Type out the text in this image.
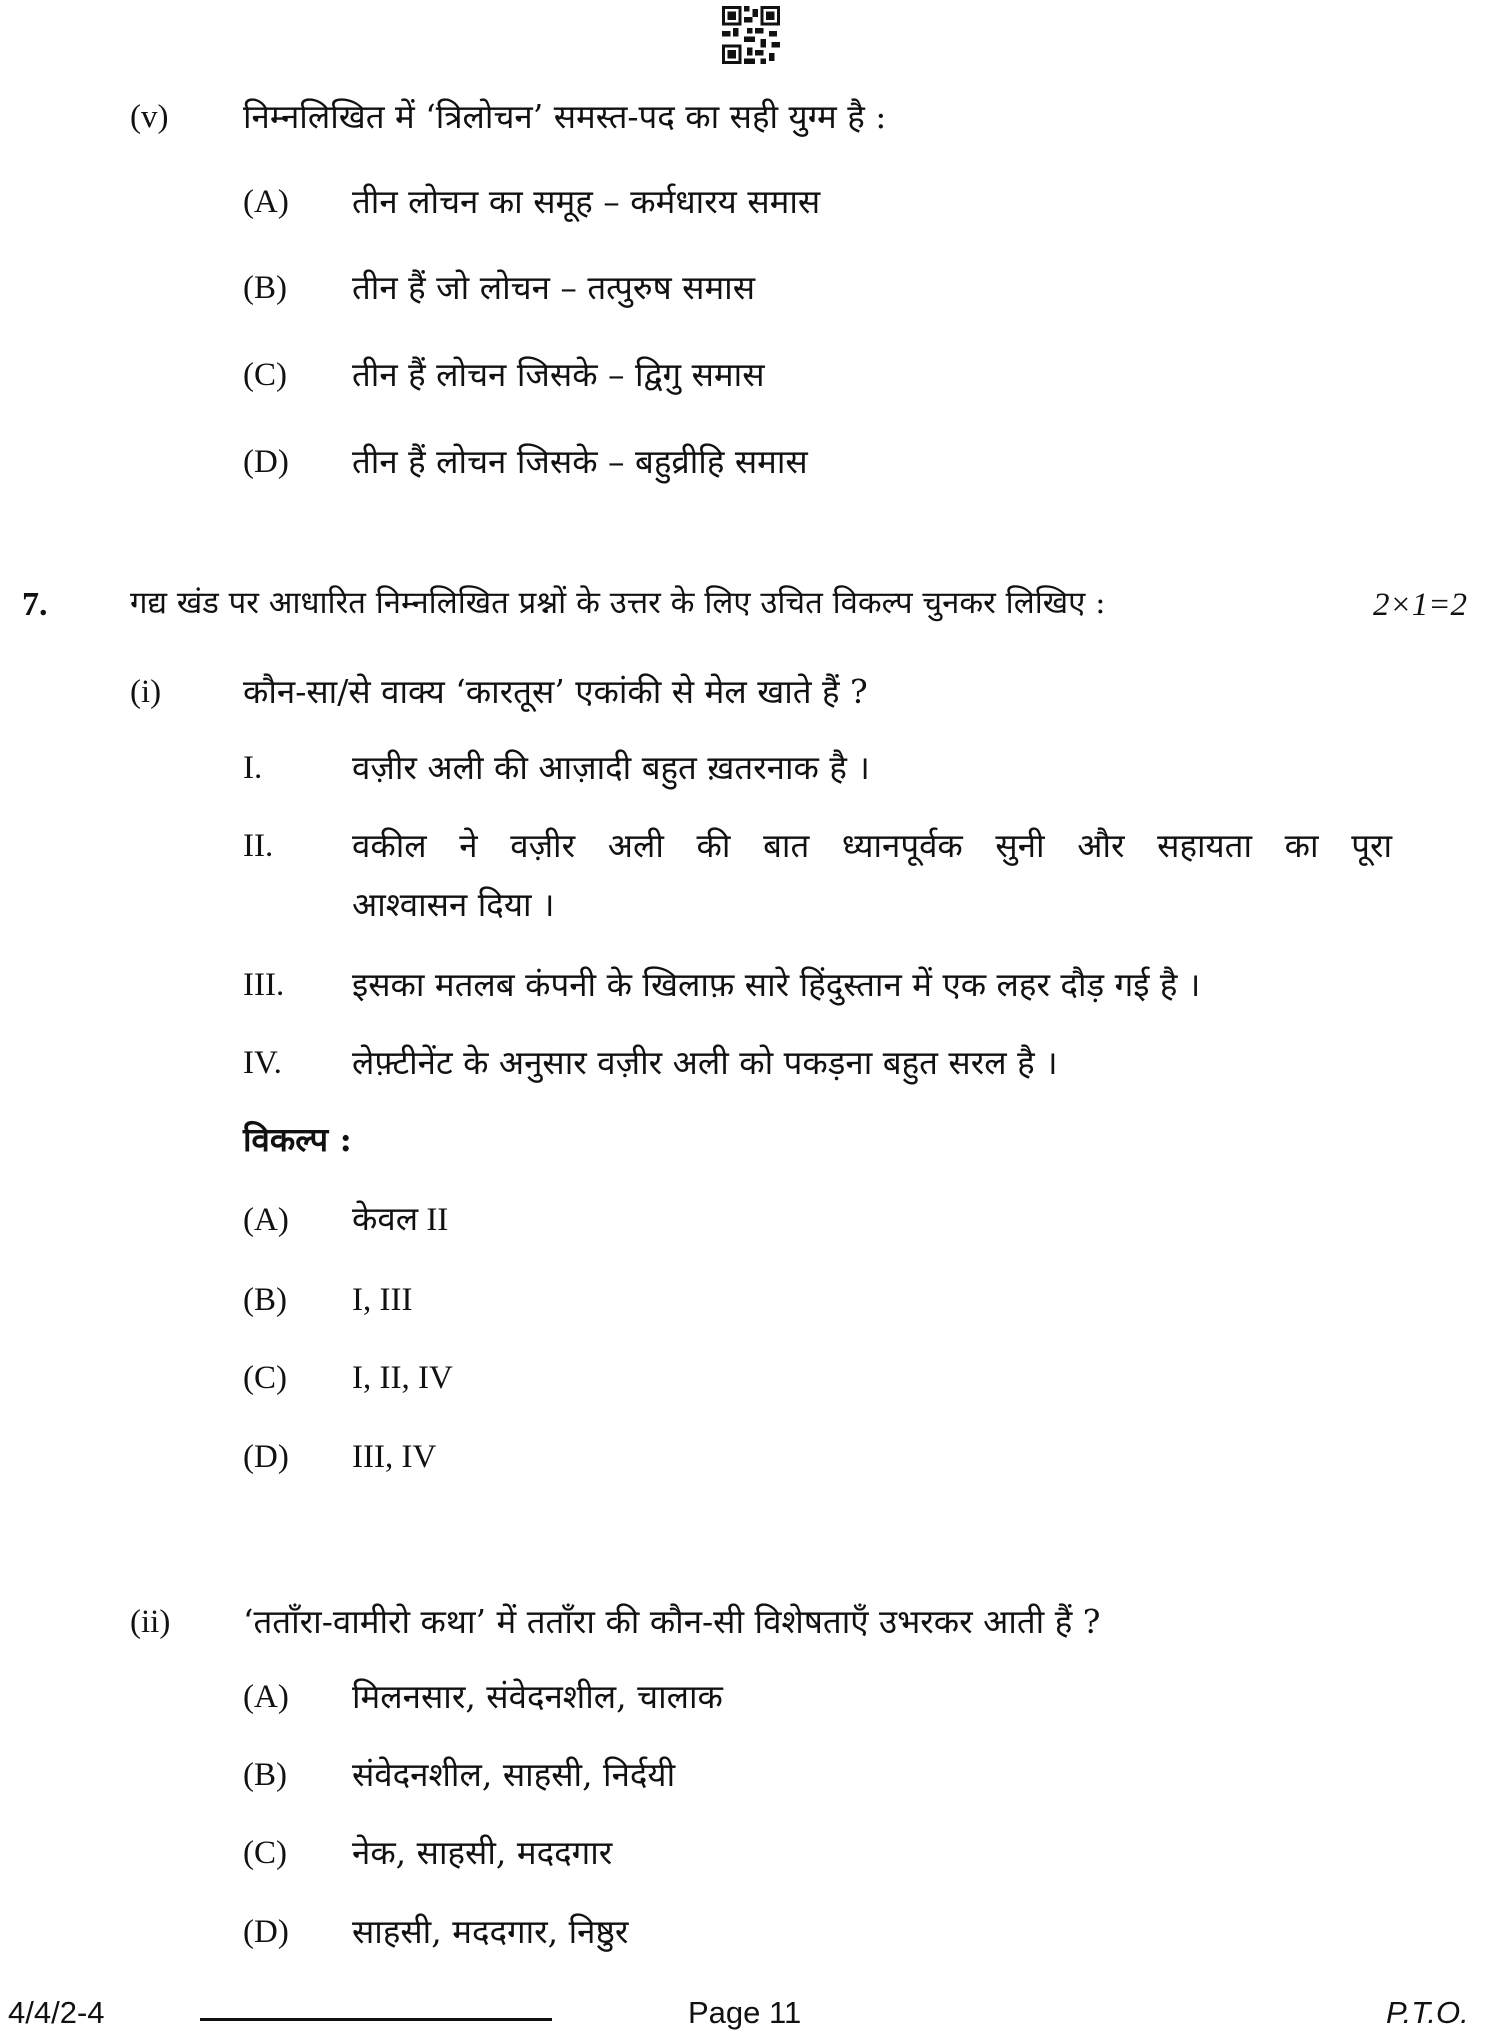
(v) निम्नलिखित में ‘त्रिलोचन’ समस्त-पद का सही युग्म है :
(A) तीन लोचन का समूह – कर्मधारय समास
(B) तीन हैं जो लोचन – तत्पुरुष समास
(C) तीन हैं लोचन जिसके – द्विगु समास
(D) तीन हैं लोचन जिसके – बहुव्रीहि समास
7.	गद्य खंड पर आधारित निम्नलिखित प्रश्नों के उत्तर के लिए उचित विकल्प चुनकर लिखिए :	2×1=2
(i) कौन-सा/से वाक्य ‘कारतूस’ एकांकी से मेल खाते हैं ?
I.	वज़ीर अली की आज़ादी बहुत ख़तरनाक है ।
II. वकील ने वज़ीर अली की बात ध्यानपूर्वक सुनी और सहायता का पूरा
आश्वासन दिया ।
III. इसका मतलब कंपनी के खिलाफ़ सारे हिंदुस्तान में एक लहर दौड़ गई है ।
IV. लेफ़्टीनेंट के अनुसार वज़ीर अली को पकड़ना बहुत सरल है ।
विकल्प :
(A) केवल II
(B) I, III
(C) I, II, IV
(D) III, IV
(ii) ‘तताँरा-वामीरो कथा’ में तताँरा की कौन-सी विशेषताएँ उभरकर आती हैं ?
(A) मिलनसार, संवेदनशील, चालाक
(B) संवेदनशील, साहसी, निर्दयी
(C) नेक, साहसी, मददगार
(D) साहसी, मददगार, निष्ठुर
4/4/2-4	Page 11	P.T.O.
